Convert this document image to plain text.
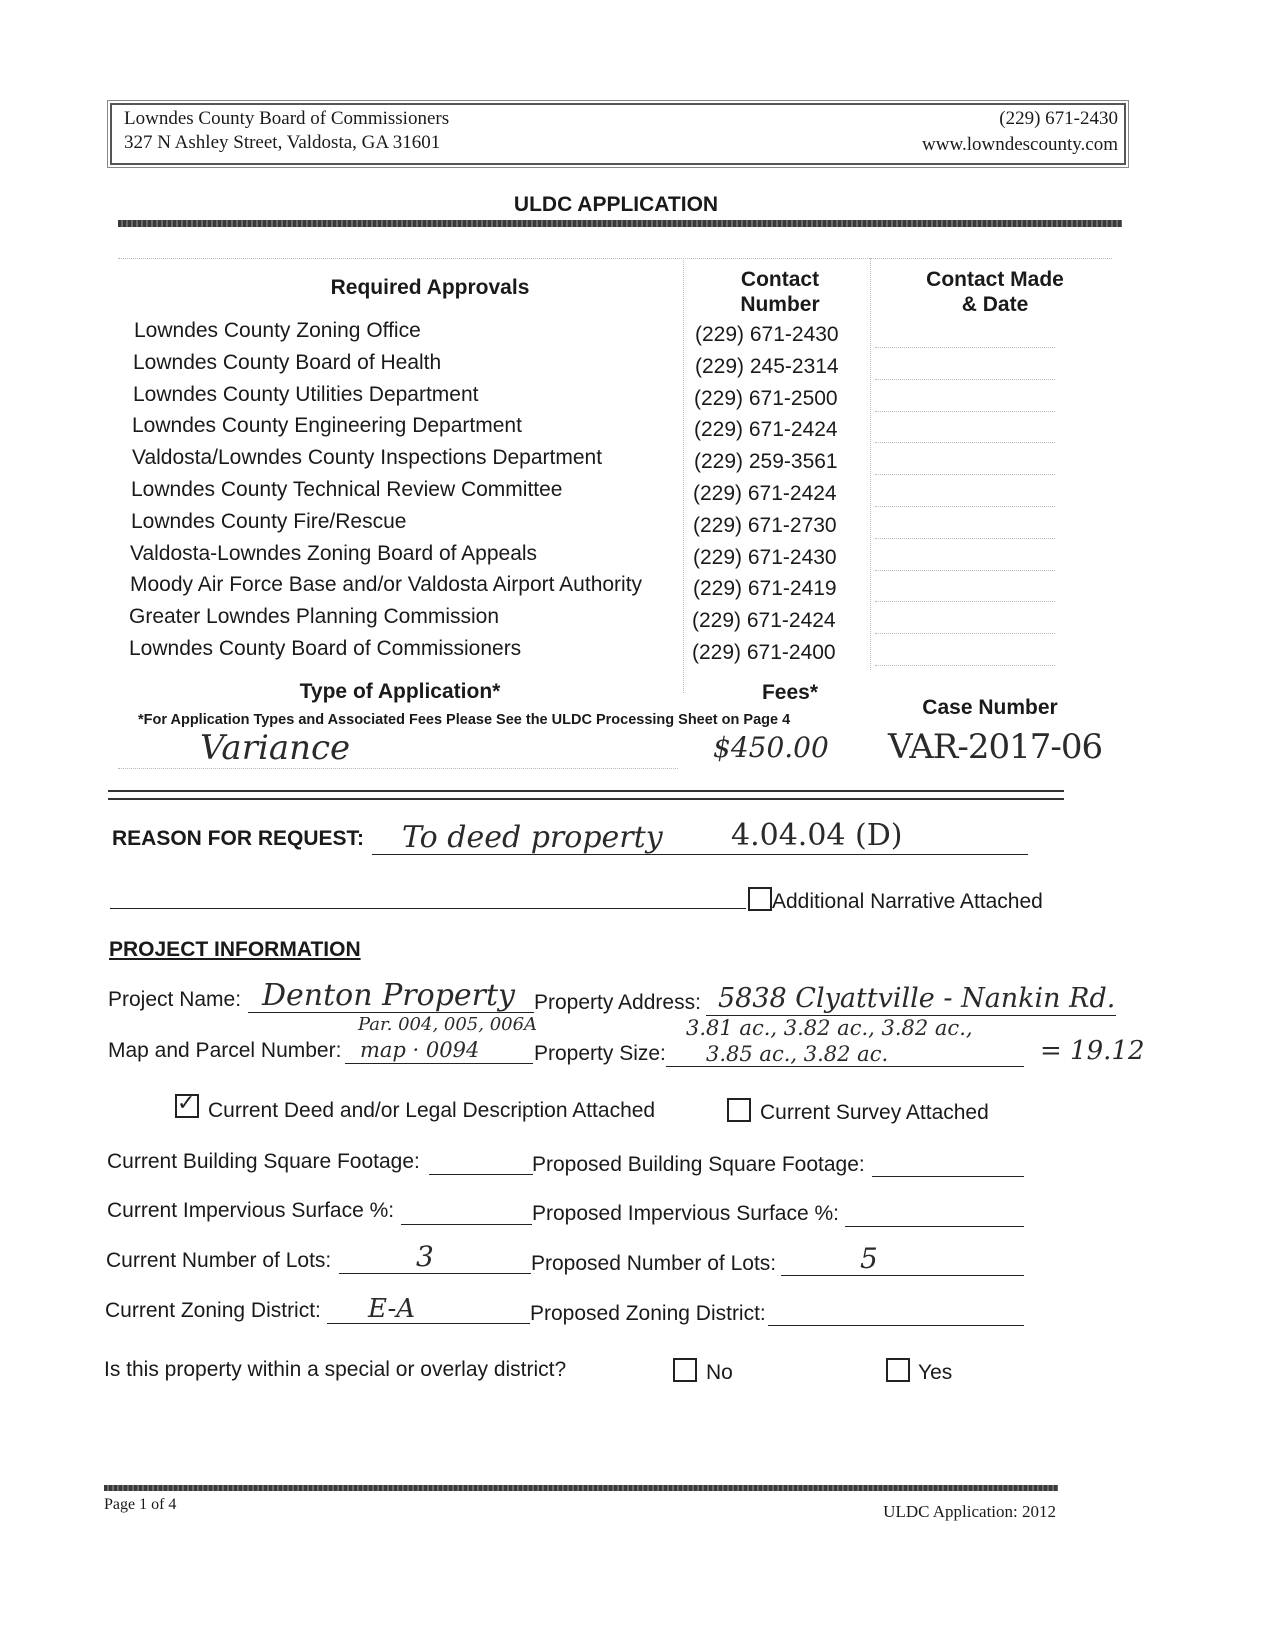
Lowndes County Board of Commissioners
327 N Ashley Street, Valdosta, GA 31601
(229) 671-2430
www.lowndescounty.com
ULDC APPLICATION
Required Approvals	Contact
Number
Contact Made
& Date
Lowndes County Zoning Office	(229) 671-2430
Lowndes County Board of Health	(229) 245-2314
Lowndes County Utilities Department	(229) 671-2500
Lowndes County Engineering Department	(229) 671-2424
Valdosta/Lowndes County Inspections Department	(229) 259-3561
Lowndes County Technical Review Committee	(229) 671-2424
Lowndes County Fire/Rescue	(229) 671-2730
Valdosta-Lowndes Zoning Board of Appeals	(229) 671-2430
Moody Air Force Base and/or Valdosta Airport Authority (229) 671-2419
Greater Lowndes Planning Commission	(229) 671-2424
Lowndes County Board of Commissioners	(229) 671-2400
Type of Application*	Fees*
Case Number
*For Application Types and Associated Fees Please See the ULDC Processing Sheet on Page 4
Variance	$450.00 VAR-2017-06
REASON FOR REQUEST: To deed property 4.04.04 (D)
Additional Narrative Attached
PROJECT INFORMATION
Project Name: Denton Property Property Address: 5838 Clyattville - Nankin Rd.
Par. 004, 005, 006A	3.81 ac., 3.82 ac., 3.82 ac.,
Map and Parcel Number: map · 0094	Property Size: 3.85 ac., 3.82 ac.	= 19.12
✓ Current Deed and/or Legal Description Attached	Current Survey Attached
Current Building Square Footage:	Proposed Building Square Footage:
Current Impervious Surface %:	Proposed Impervious Surface %:
Current Number of Lots:	3	Proposed Number of Lots:	5
Current Zoning District: E-A	Proposed Zoning District:
Is this property within a special or overlay district?	No	Yes
Page 1 of 4	ULDC Application: 2012
